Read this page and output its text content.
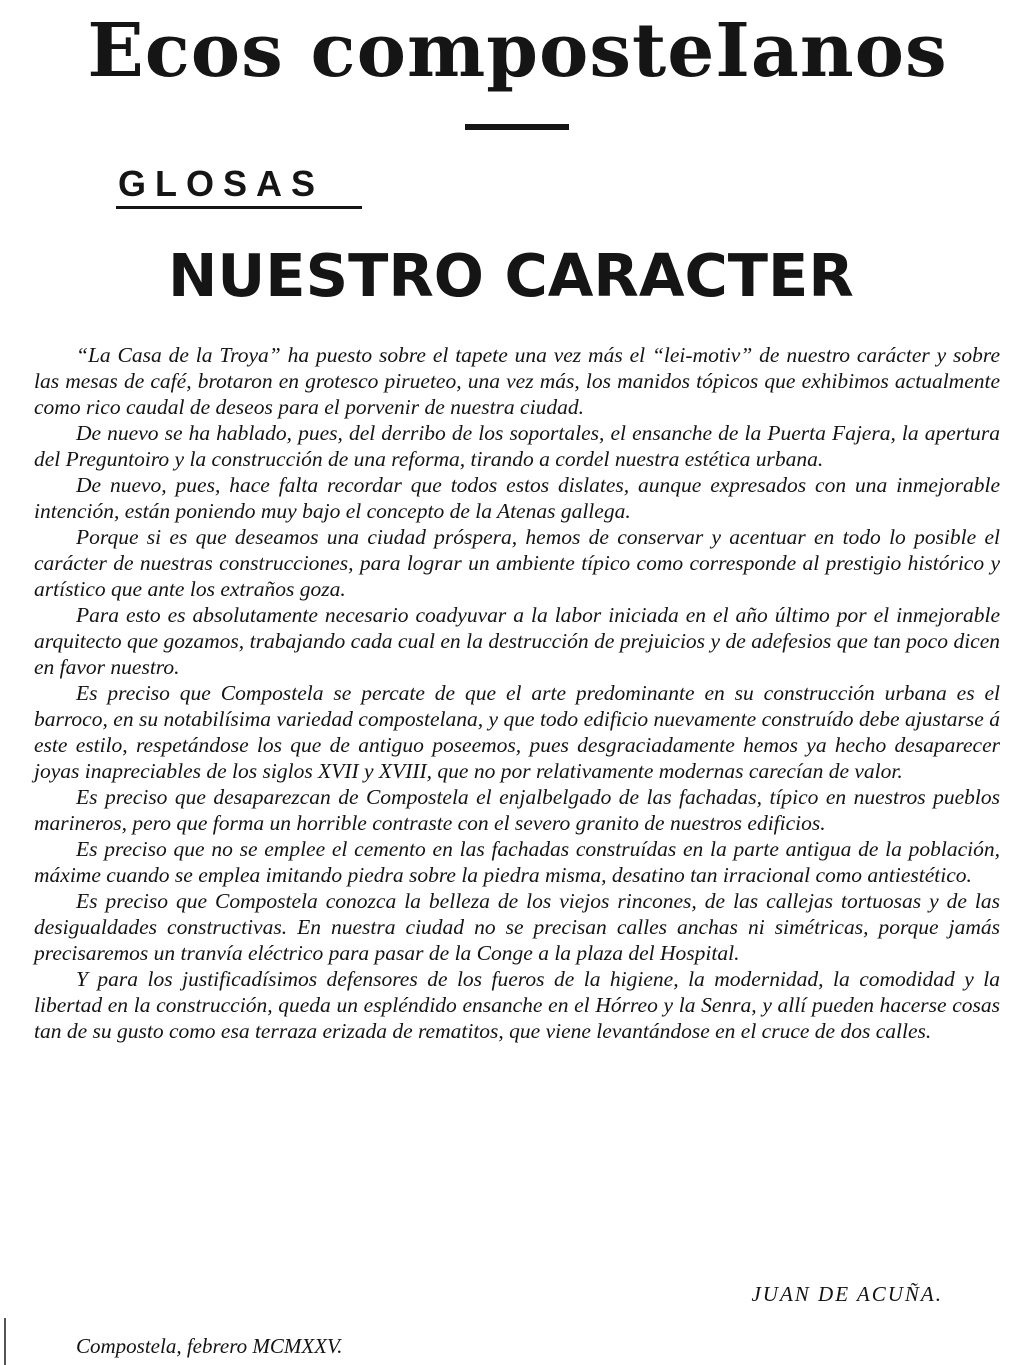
Ecos composteIanos
GLOSAS
NUESTRO CARACTER

“La Casa de la Troya” ha puesto sobre el tapete una vez más el “lei-motiv” de nuestro carácter y sobre las mesas de café, brotaron en grotesco pirueteo, una vez más, los manidos tópicos que exhibimos actualmente como rico caudal de deseos para el porvenir de nuestra ciudad.

De nuevo se ha hablado, pues, del derribo de los soportales, el ensanche de la Puerta Fajera, la apertura del Preguntoiro y la construcción de una reforma, tirando a cordel nuestra estética urbana.

De nuevo, pues, hace falta recordar que todos estos dislates, aunque expresados con una inmejorable intención, están poniendo muy bajo el concepto de la Atenas gallega.

Porque si es que deseamos una ciudad próspera, hemos de conservar y acentuar en todo lo posible el carácter de nuestras construcciones, para lograr un ambiente típico como corresponde al prestigio histórico y artístico que ante los extraños goza.

Para esto es absolutamente necesario coadyuvar a la labor iniciada en el año último por el inmejorable arquitecto que gozamos, trabajando cada cual en la destrucción de prejuicios y de adefesios que tan poco dicen en favor nuestro.

Es preciso que Compostela se percate de que el arte predominante en su construcción urbana es el barroco, en su notabilísima variedad compostelana, y que todo edificio nuevamente construído debe ajustarse á este estilo, respetándose los que de antiguo poseemos, pues desgraciadamente hemos ya hecho desaparecer joyas inapreciables de los siglos XVII y XVIII, que no por relativamente modernas carecían de valor.

Es preciso que desaparezcan de Compostela el enjalbelgado de las fachadas, típico en nuestros pueblos marineros, pero que forma un horrible contraste con el severo granito de nuestros edificios.

Es preciso que no se emplee el cemento en las fachadas construídas en la parte antigua de la población, máxime cuando se emplea imitando piedra sobre la piedra misma, desatino tan irracional como antiestético.

Es preciso que Compostela conozca la belleza de los viejos rincones, de las callejas tortuosas y de las desigualdades constructivas. En nuestra ciudad no se precisan calles anchas ni simétricas, porque jamás precisaremos un tranvía eléctrico para pasar de la Conge a la plaza del Hospital.

Y para los justificadísimos defensores de los fueros de la higiene, la modernidad, la comodidad y la libertad en la construcción, queda un espléndido ensanche en el Hórreo y la Senra, y allí pueden hacerse cosas tan de su gusto como esa terraza erizada de rematitos, que viene levantándose en el cruce de dos calles.

JUAN DE ACUÑA.
Compostela, febrero MCMXXV.
